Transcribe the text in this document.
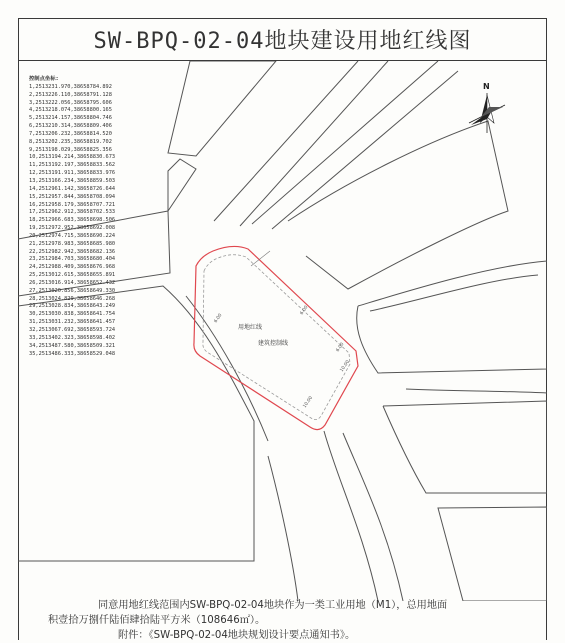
SW-BPQ-02-04地块建设用地红线图
用地红线
建筑控制线
6.00
6.00
6.00
10.00
10.00
N
控制点坐标:
1,2513231.970,38658784.892
2,2513226.110,38658791.128
3,2513222.056,38658795.606
4,2513218.074,38658800.165
5,2513214.157,38658804.746
6,2513210.314,38658809.406
7,2513206.232,38658814.520
8,2513202.235,38658819.702
9,2513198.029,38658825.356
10,2513194.214,38658830.673
11,2513192.197,38658833.562
12,2513191.911,38658833.976
13,2513166.234,38658859.503
14,2512961.142,38658726.644
15,2512957.844,38658708.094
16,2512958.179,38658707.721
17,2512962.912,38658702.533
18,2512966.683,38658698.506
19,2512972.952,38658692.008
20,2512974.715,38658690.224
21,2512978.983,38658685.980
22,2512982.942,38658682.136
23,2512984.703,38658680.404
24,2512988.409,38658676.968
25,2513012.615,38658655.891
26,2513016.914,38658652.432
27,2513020.856,38658649.330
28,2513024.829,38658646.268
29,2513028.834,38658643.249
30,2513030.838,38658641.754
31,2513031.232,38658641.457
32,2513067.692,38658593.724
33,2513402.323,38658598.402
34,2513487.580,38658509.321
35,2513486.333,38658529.048

同意用地红线范围内SW-BPQ-02-04地块作为一类工业用地（M1），总用地面

积壹拾万捌仟陆佰肆拾陆平方米（108646㎡）。

附件：《SW-BPQ-02-04地块规划设计要点通知书》。
